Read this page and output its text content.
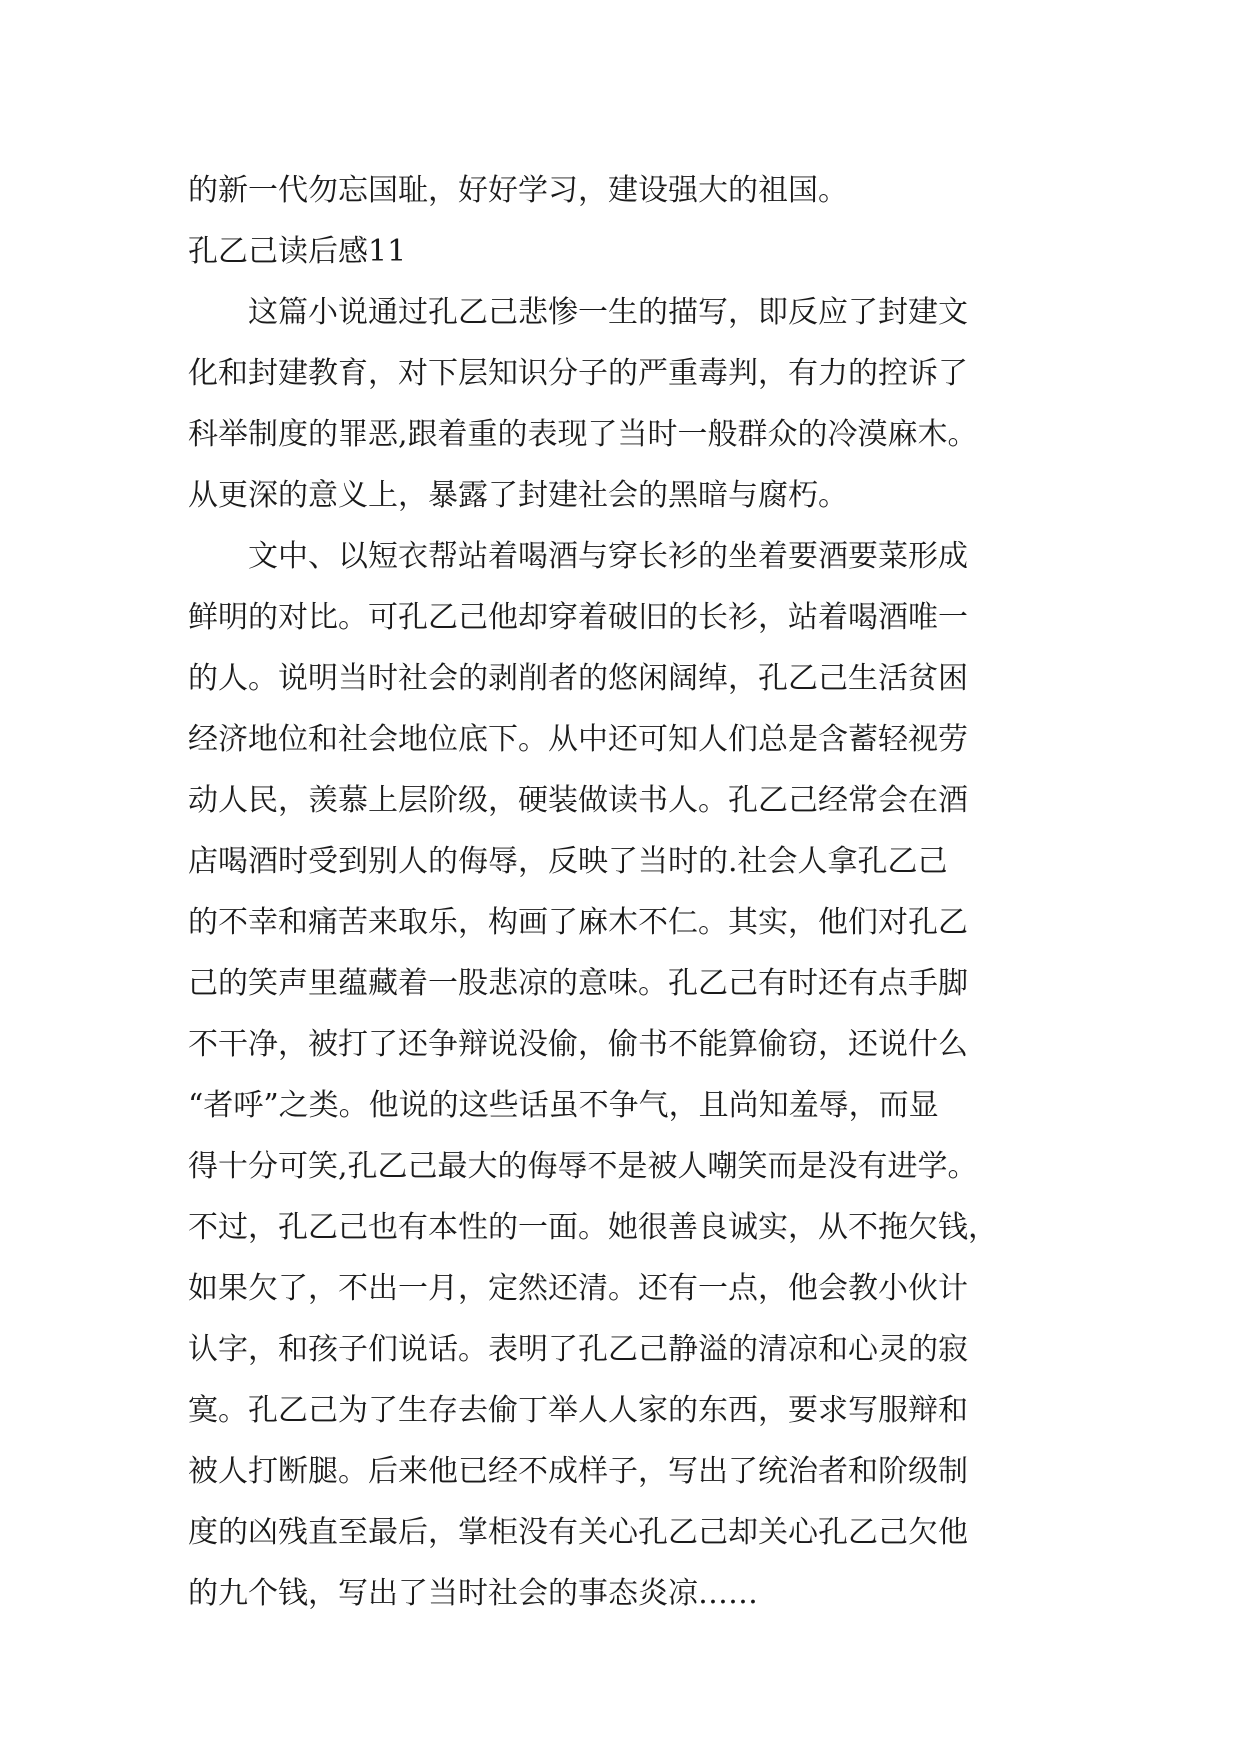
的新一代勿忘国耻，好好学习，建设强大的祖国。
孔乙己读后感11
这篇小说通过孔乙己悲惨一生的描写，即反应了封建文
化和封建教育，对下层知识分子的严重毒判，有力的控诉了
科举制度的罪恶,跟着重的表现了当时一般群众的冷漠麻木。
从更深的意义上，暴露了封建社会的黑暗与腐朽。
文中、以短衣帮站着喝酒与穿长衫的坐着要酒要菜形成
鲜明的对比。可孔乙己他却穿着破旧的长衫，站着喝酒唯一
的人。说明当时社会的剥削者的悠闲阔绰，孔乙己生活贫困
经济地位和社会地位底下。从中还可知人们总是含蓄轻视劳
动人民，羡慕上层阶级，硬装做读书人。孔乙己经常会在酒
店喝酒时受到别人的侮辱，反映了当时的.社会人拿孔乙己
的不幸和痛苦来取乐，构画了麻木不仁。其实，他们对孔乙
己的笑声里蕴藏着一股悲凉的意味。孔乙己有时还有点手脚
不干净，被打了还争辩说没偷，偷书不能算偷窃，还说什么
“者呼”之类。他说的这些话虽不争气，且尚知羞辱，而显
得十分可笑,孔乙己最大的侮辱不是被人嘲笑而是没有进学。
不过，孔乙己也有本性的一面。她很善良诚实，从不拖欠钱，
如果欠了，不出一月，定然还清。还有一点，他会教小伙计
认字，和孩子们说话。表明了孔乙己静溢的清凉和心灵的寂
寞。孔乙己为了生存去偷丁举人人家的东西，要求写服辩和
被人打断腿。后来他已经不成样子，写出了统治者和阶级制
度的凶残直至最后，掌柜没有关心孔乙己却关心孔乙己欠他
的九个钱，写出了当时社会的事态炎凉……
